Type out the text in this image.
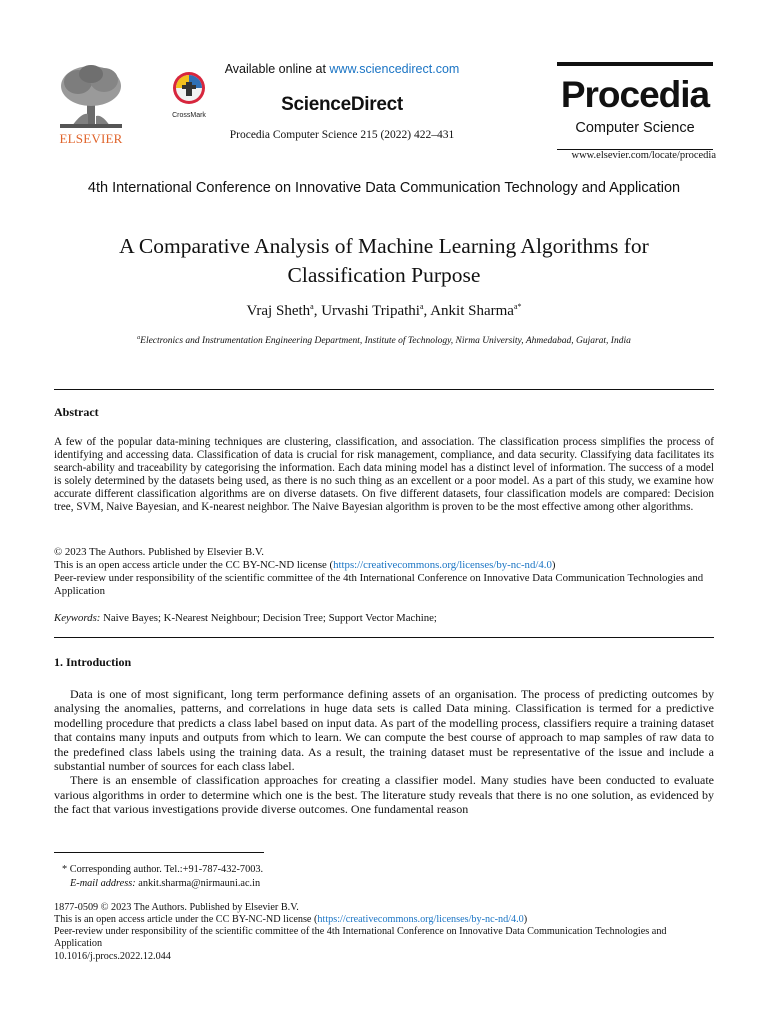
ELSEVIER
CrossMark
Available online at www.sciencedirect.com
ScienceDirect
Procedia Computer Science 215 (2022) 422–431
Procedia
Computer Science
www.elsevier.com/locate/procedia
4th International Conference on Innovative Data Communication Technology and Application
A Comparative Analysis of Machine Learning Algorithms for Classification Purpose
Vraj Sheth$^a$, Urvashi Tripathi$^a$, Ankit Sharma$^{a*}$
$^a$Electronics and Instrumentation Engineering Department, Institute of Technology, Nirma University, Ahmedabad, Gujarat, India
Abstract
A few of the popular data-mining techniques are clustering, classification, and association. The classification process simplifies the process of identifying and accessing data. Classification of data is crucial for risk management, compliance, and data security. Classifying data facilitates its search-ability and traceability by categorising the information. Each data mining model has a distinct level of information. The success of a model is solely determined by the datasets being used, as there is no such thing as an excellent or a poor model. As a part of this study, we examine how accurate different classification algorithms are on diverse datasets. On five different datasets, four classification models are compared: Decision tree, SVM, Naive Bayesian, and K-nearest neighbor. The Naive Bayesian algorithm is proven to be the most effective among other algorithms.
© 2023 The Authors. Published by Elsevier B.V.
This is an open access article under the CC BY-NC-ND license (https://creativecommons.org/licenses/by-nc-nd/4.0)
Peer-review under responsibility of the scientific committee of the 4th International Conference on Innovative Data Communication Technologies and Application
Keywords: Naive Bayes; K-Nearest Neighbour; Decision Tree; Support Vector Machine;
1. Introduction

Data is one of most significant, long term performance defining assets of an organisation. The process of predicting outcomes by analysing the anomalies, patterns, and correlations in huge data sets is called Data mining. Classification is termed for a predictive modelling procedure that predicts a class label based on input data. As part of the modelling process, classifiers require a training dataset that contains many inputs and outputs from which to learn. We can compute the best course of approach to map samples of raw data to the predefined class labels using the training data. As a result, the training dataset must be representative of the issue and include a substantial number of sources for each class label.

There is an ensemble of classification approaches for creating a classifier model. Many studies have been conducted to evaluate various algorithms in order to determine which one is the best. The literature study reveals that there is no one solution, as evidenced by the fact that various investigations provide diverse outcomes. One fundamental reason

* Corresponding author. Tel.:+91-787-432-7003.
E-mail address: ankit.sharma@nirmauni.ac.in
1877-0509 © 2023 The Authors. Published by Elsevier B.V.
This is an open access article under the CC BY-NC-ND license (https://creativecommons.org/licenses/by-nc-nd/4.0)
Peer-review under responsibility of the scientific committee of the 4th International Conference on Innovative Data Communication Technologies and Application
10.1016/j.procs.2022.12.044
